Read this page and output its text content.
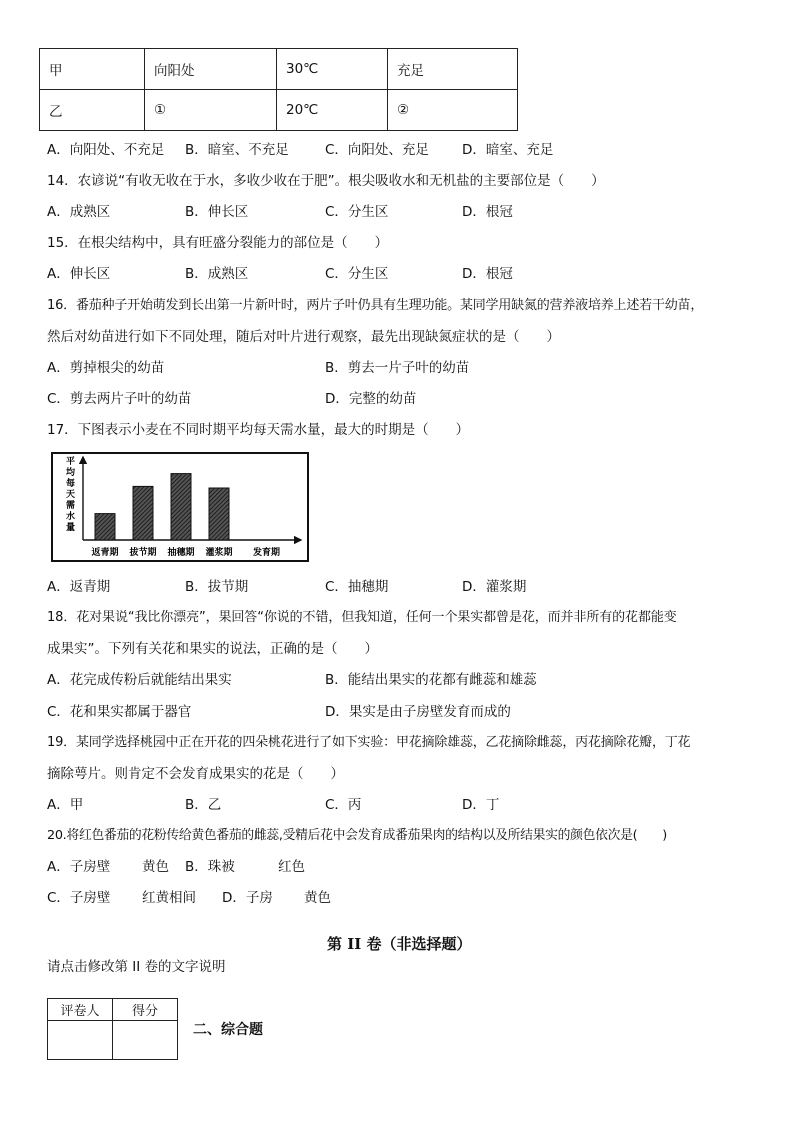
甲	向阳处	30℃	充足
乙	①	20℃	②
A．向阳处、不充足 B．暗室、不充足	C．向阳处、充足 D．暗室、充足
14．农谚说“有收无收在于水，多收少收在于肥”。根尖吸收水和无机盐的主要部位是（　　）
A．成熟区	B．伸长区	C．分生区	D．根冠
15．在根尖结构中，具有旺盛分裂能力的部位是（　　）
A．伸长区	B．成熟区	C．分生区	D．根冠
16．番茄种子开始萌发到长出第一片新叶时，两片子叶仍具有生理功能。某同学用缺氮的营养液培养上述若干幼苗，
然后对幼苗进行如下不同处理，随后对叶片进行观察，最先出现缺氮症状的是（　　）
A．剪掉根尖的幼苗	B．剪去一片子叶的幼苗
C．剪去两片子叶的幼苗	D．完整的幼苗
17．下图表示小麦在不同时期平均每天需水量，最大的时期是（　　）
平均每天需水量
发育期
返青期 拔节期 抽穗期 灌浆期
A．返青期	B．拔节期	C．抽穗期	D．灌浆期
18．花对果说“我比你漂亮”，果回答“你说的不错，但我知道，任何一个果实都曾是花，而并非所有的花都能变
成果实”。下列有关花和果实的说法，正确的是（　　）
A．花完成传粉后就能结出果实	B．能结出果实的花都有雌蕊和雄蕊
C．花和果实都属于器官	D．果实是由子房壁发育而成的
19．某同学选择桃园中正在开花的四朵桃花进行了如下实验：甲花摘除雄蕊，乙花摘除雌蕊，丙花摘除花瓣，丁花
摘除萼片。则肯定不会发育成果实的花是（　　）
A．甲	B．乙	C．丙	D．丁
20.将红色番茄的花粉传给黄色番茄的雌蕊,受精后花中会发育成番茄果肉的结构以及所结果实的颜色依次是(　　)
A．子房壁 黄色 B．珠被	红色
C．子房壁 红黄相间 D．子房 黄色
第 II 卷（非选择题）
请点击修改第 II 卷的文字说明
评卷人	得分

二、综合题
